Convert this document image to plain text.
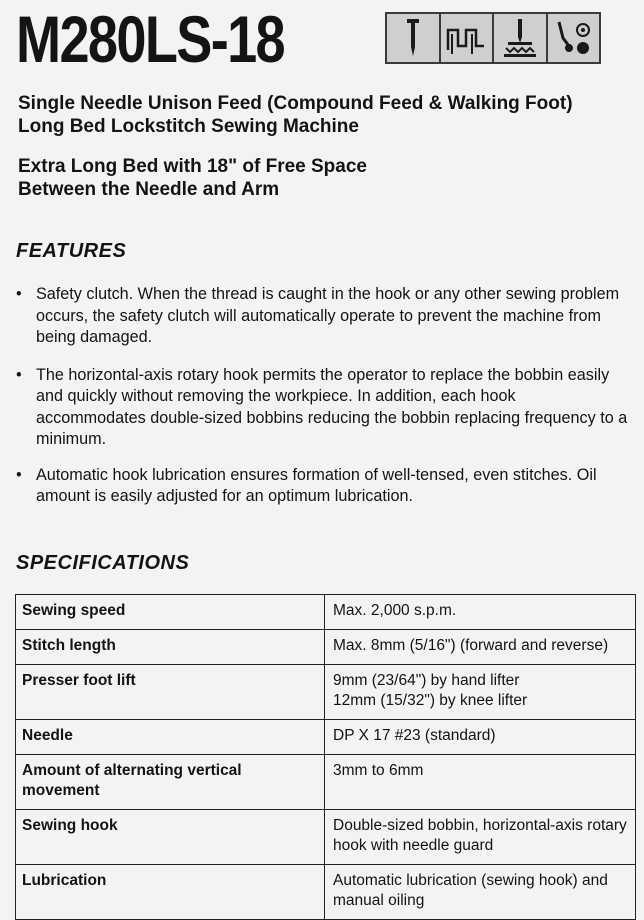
M280LS-18
Single Needle Unison Feed (Compound Feed & Walking Foot)
Long Bed Lockstitch Sewing Machine
Extra Long Bed with 18" of Free Space
Between the Needle and Arm
FEATURES
• Safety clutch. When the thread is caught in the hook or any other sewing problem occurs, the safety clutch will automatically operate to prevent the machine from being damaged.
• The horizontal-axis rotary hook permits the operator to replace the bobbin easily and quickly without removing the workpiece. In addition, each hook accommodates double-sized bobbins reducing the bobbin replacing frequency to a minimum.
• Automatic hook lubrication ensures formation of well-tensed, even stitches. Oil amount is easily adjusted for an optimum lubrication.
SPECIFICATIONS
Sewing speed	Max. 2,000 s.p.m.

Stitch length	Max. 8mm (5/16") (forward and reverse)

Presser foot lift	9mm (23/64") by hand lifter
12mm (15/32") by knee lifter

Needle	DP X 17 #23 (standard)

Amount of alternating vertical movement	3mm to 6mm

Sewing hook	Double-sized bobbin, horizontal-axis rotary
hook with needle guard

Lubrication	Automatic lubrication (sewing hook) and
manual oiling
